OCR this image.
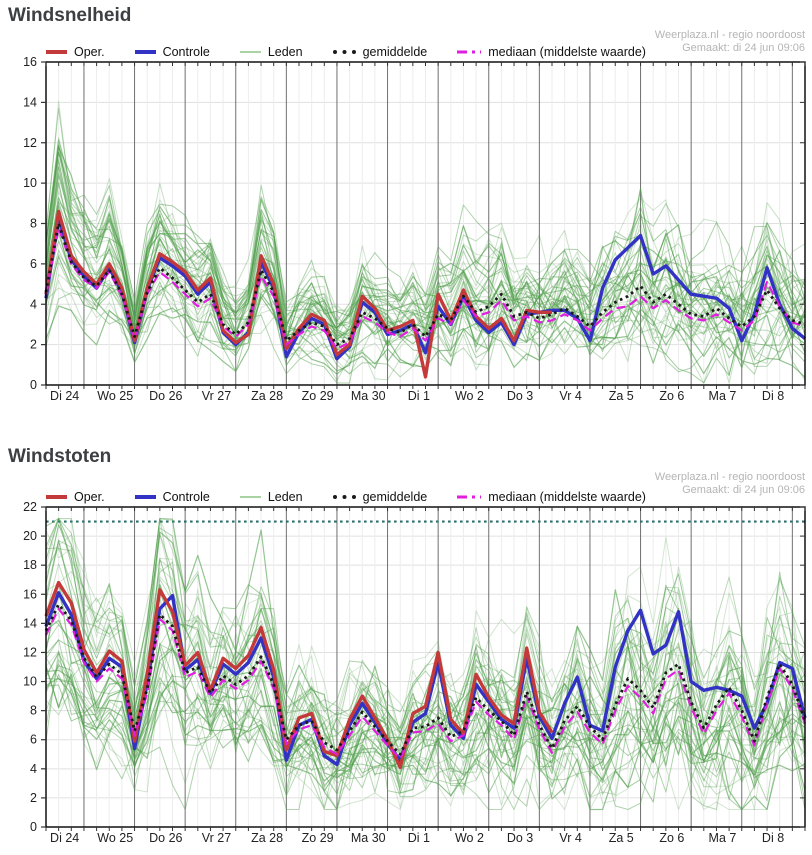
Windsnelheid
Weerplaza.nl - regio noordoost
Gemaakt: di 24 jun 09:06
Oper.	Controle	Leden	gemiddelde	mediaan (middelste waarde)
Windstoten
Weerplaza.nl - regio noordoost
Gemaakt: di 24 jun 09:06
Oper.	Controle	Leden	gemiddelde	mediaan (middelste waarde)
0
2
4
6
8
10
12
14
16
Di 24 Wo 25 Do 26 Vr 27 Za 28 Zo 29 Ma 30 Di 1 Wo 2 Do 3 Vr 4 Za 5 Zo 6 Ma 7 Di 8
0
2
4
6
8
10
12
14
16
18
20
22
Di 24 Wo 25 Do 26 Vr 27 Za 28 Zo 29 Ma 30 Di 1 Wo 2 Do 3 Vr 4 Za 5 Zo 6 Ma 7 Di 8
